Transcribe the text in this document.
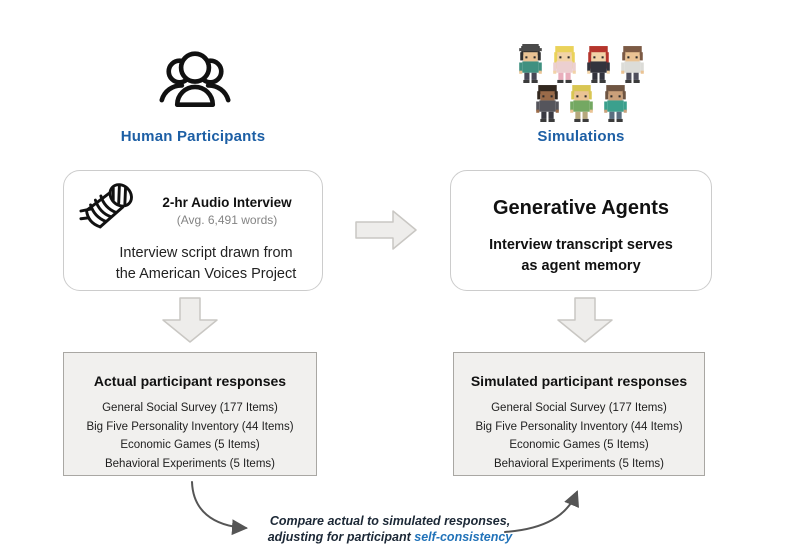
Human Participants	Simulations
2-hr Audio Interview
(Avg. 6,491 words)
Interview script drawn from
the American Voices Project
Generative Agents
Interview transcript serves
as agent memory
Actual participant responses
General Social Survey (177 Items)
Big Five Personality Inventory (44 Items)
Economic Games (5 Items)
Behavioral Experiments (5 Items)
Simulated participant responses
General Social Survey (177 Items)
Big Five Personality Inventory (44 Items)
Economic Games (5 Items)
Behavioral Experiments (5 Items)
Compare actual to simulated responses,
adjusting for participant self-consistency
